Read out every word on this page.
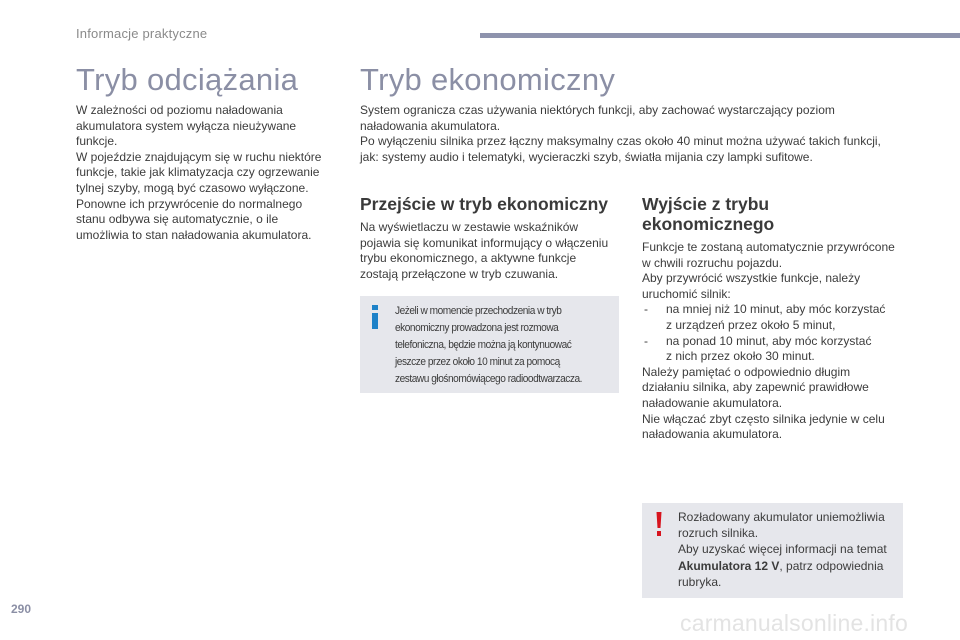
Informacje praktyczne
Tryb odciążania

W zależności od poziomu naładowania
akumulatora system wyłącza nieużywane
funkcje.
W pojeździe znajdującym się w ruchu niektóre
funkcje, takie jak klimatyzacja czy ogrzewanie
tylnej szyby, mogą być czasowo wyłączone.
Ponowne ich przywrócenie do normalnego
stanu odbywa się automatycznie, o ile
umożliwia to stan naładowania akumulatora.

Tryb ekonomiczny

System ogranicza czas używania niektórych funkcji, aby zachować wystarczający poziom
naładowania akumulatora.
Po wyłączeniu silnika przez łączny maksymalny czas około 40 minut można używać takich funkcji,
jak: systemy audio i telematyki, wycieraczki szyb, światła mijania czy lampki sufitowe.

Przejście w tryb ekonomiczny

Na wyświetlaczu w zestawie wskaźników
pojawia się komunikat informujący o włączeniu
trybu ekonomicznego, a aktywne funkcje
zostają przełączone w tryb czuwania.

Jeżeli w momencie przechodzenia w tryb
ekonomiczny prowadzona jest rozmowa
telefoniczna, będzie można ją kontynuować
jeszcze przez około 10 minut za pomocą
zestawu głośnomówiącego radioodtwarzacza.

Wyjście z trybu
ekonomicznego

Funkcje te zostaną automatycznie przywrócone
w chwili rozruchu pojazdu.
Aby przywrócić wszystkie funkcje, należy
uruchomić silnik:

- na mniej niż 10 minut, aby móc korzystać
z urządzeń przez około 5 minut,

- na ponad 10 minut, aby móc korzystać
z nich przez około 30 minut.

Należy pamiętać o odpowiednio długim
działaniu silnika, aby zapewnić prawidłowe
naładowanie akumulatora.
Nie włączać zbyt często silnika jedynie w celu
naładowania akumulatora.

Rozładowany akumulator uniemożliwia
rozruch silnika.
Aby uzyskać więcej informacji na temat
Akumulatora 12 V, patrz odpowiednia
rubryka.
290
carmanualsonline.info
